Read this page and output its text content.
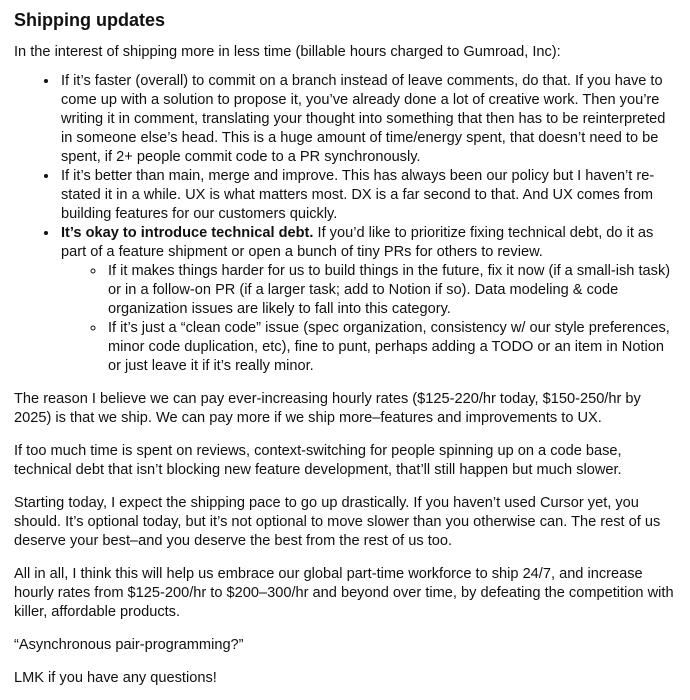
Shipping updates

In the interest of shipping more in less time (billable hours charged to Gumroad, Inc):

• If it’s faster (overall) to commit on a branch instead of leave comments, do that. If you have to come up with a solution to propose it, you’ve already done a lot of creative work. Then you’re writing it in comment, translating your thought into something that then has to be reinterpreted in someone else’s head. This is a huge amount of time/energy spent, that doesn’t need to be spent, if 2+ people commit code to a PR synchronously.
• If it’s better than main, merge and improve. This has always been our policy but I haven’t re-stated it in a while. UX is what matters most. DX is a far second to that. And UX comes from building features for our customers quickly.
• It’s okay to introduce technical debt. If you’d like to prioritize fixing technical debt, do it as part of a feature shipment or open a bunch of tiny PRs for others to review.
◦ If it makes things harder for us to build things in the future, fix it now (if a small-ish task) or in a follow-on PR (if a larger task; add to Notion if so). Data modeling & code organization issues are likely to fall into this category.
◦ If it’s just a “clean code” issue (spec organization, consistency w/ our style preferences, minor code duplication, etc), fine to punt, perhaps adding a TODO or an item in Notion or just leave it if it’s really minor.

The reason I believe we can pay ever-increasing hourly rates ($125-220/hr today, $150-250/hr by 2025) is that we ship. We can pay more if we ship more–features and improvements to UX.

If too much time is spent on reviews, context-switching for people spinning up on a code base, technical debt that isn’t blocking new feature development, that’ll still happen but much slower.

Starting today, I expect the shipping pace to go up drastically. If you haven’t used Cursor yet, you should. It’s optional today, but it’s not optional to move slower than you otherwise can. The rest of us deserve your best–and you deserve the best from the rest of us too.

All in all, I think this will help us embrace our global part-time workforce to ship 24/7, and increase hourly rates from $125-200/hr to $200–300/hr and beyond over time, by defeating the competition with killer, affordable products.

“Asynchronous pair-programming?”

LMK if you have any questions!
